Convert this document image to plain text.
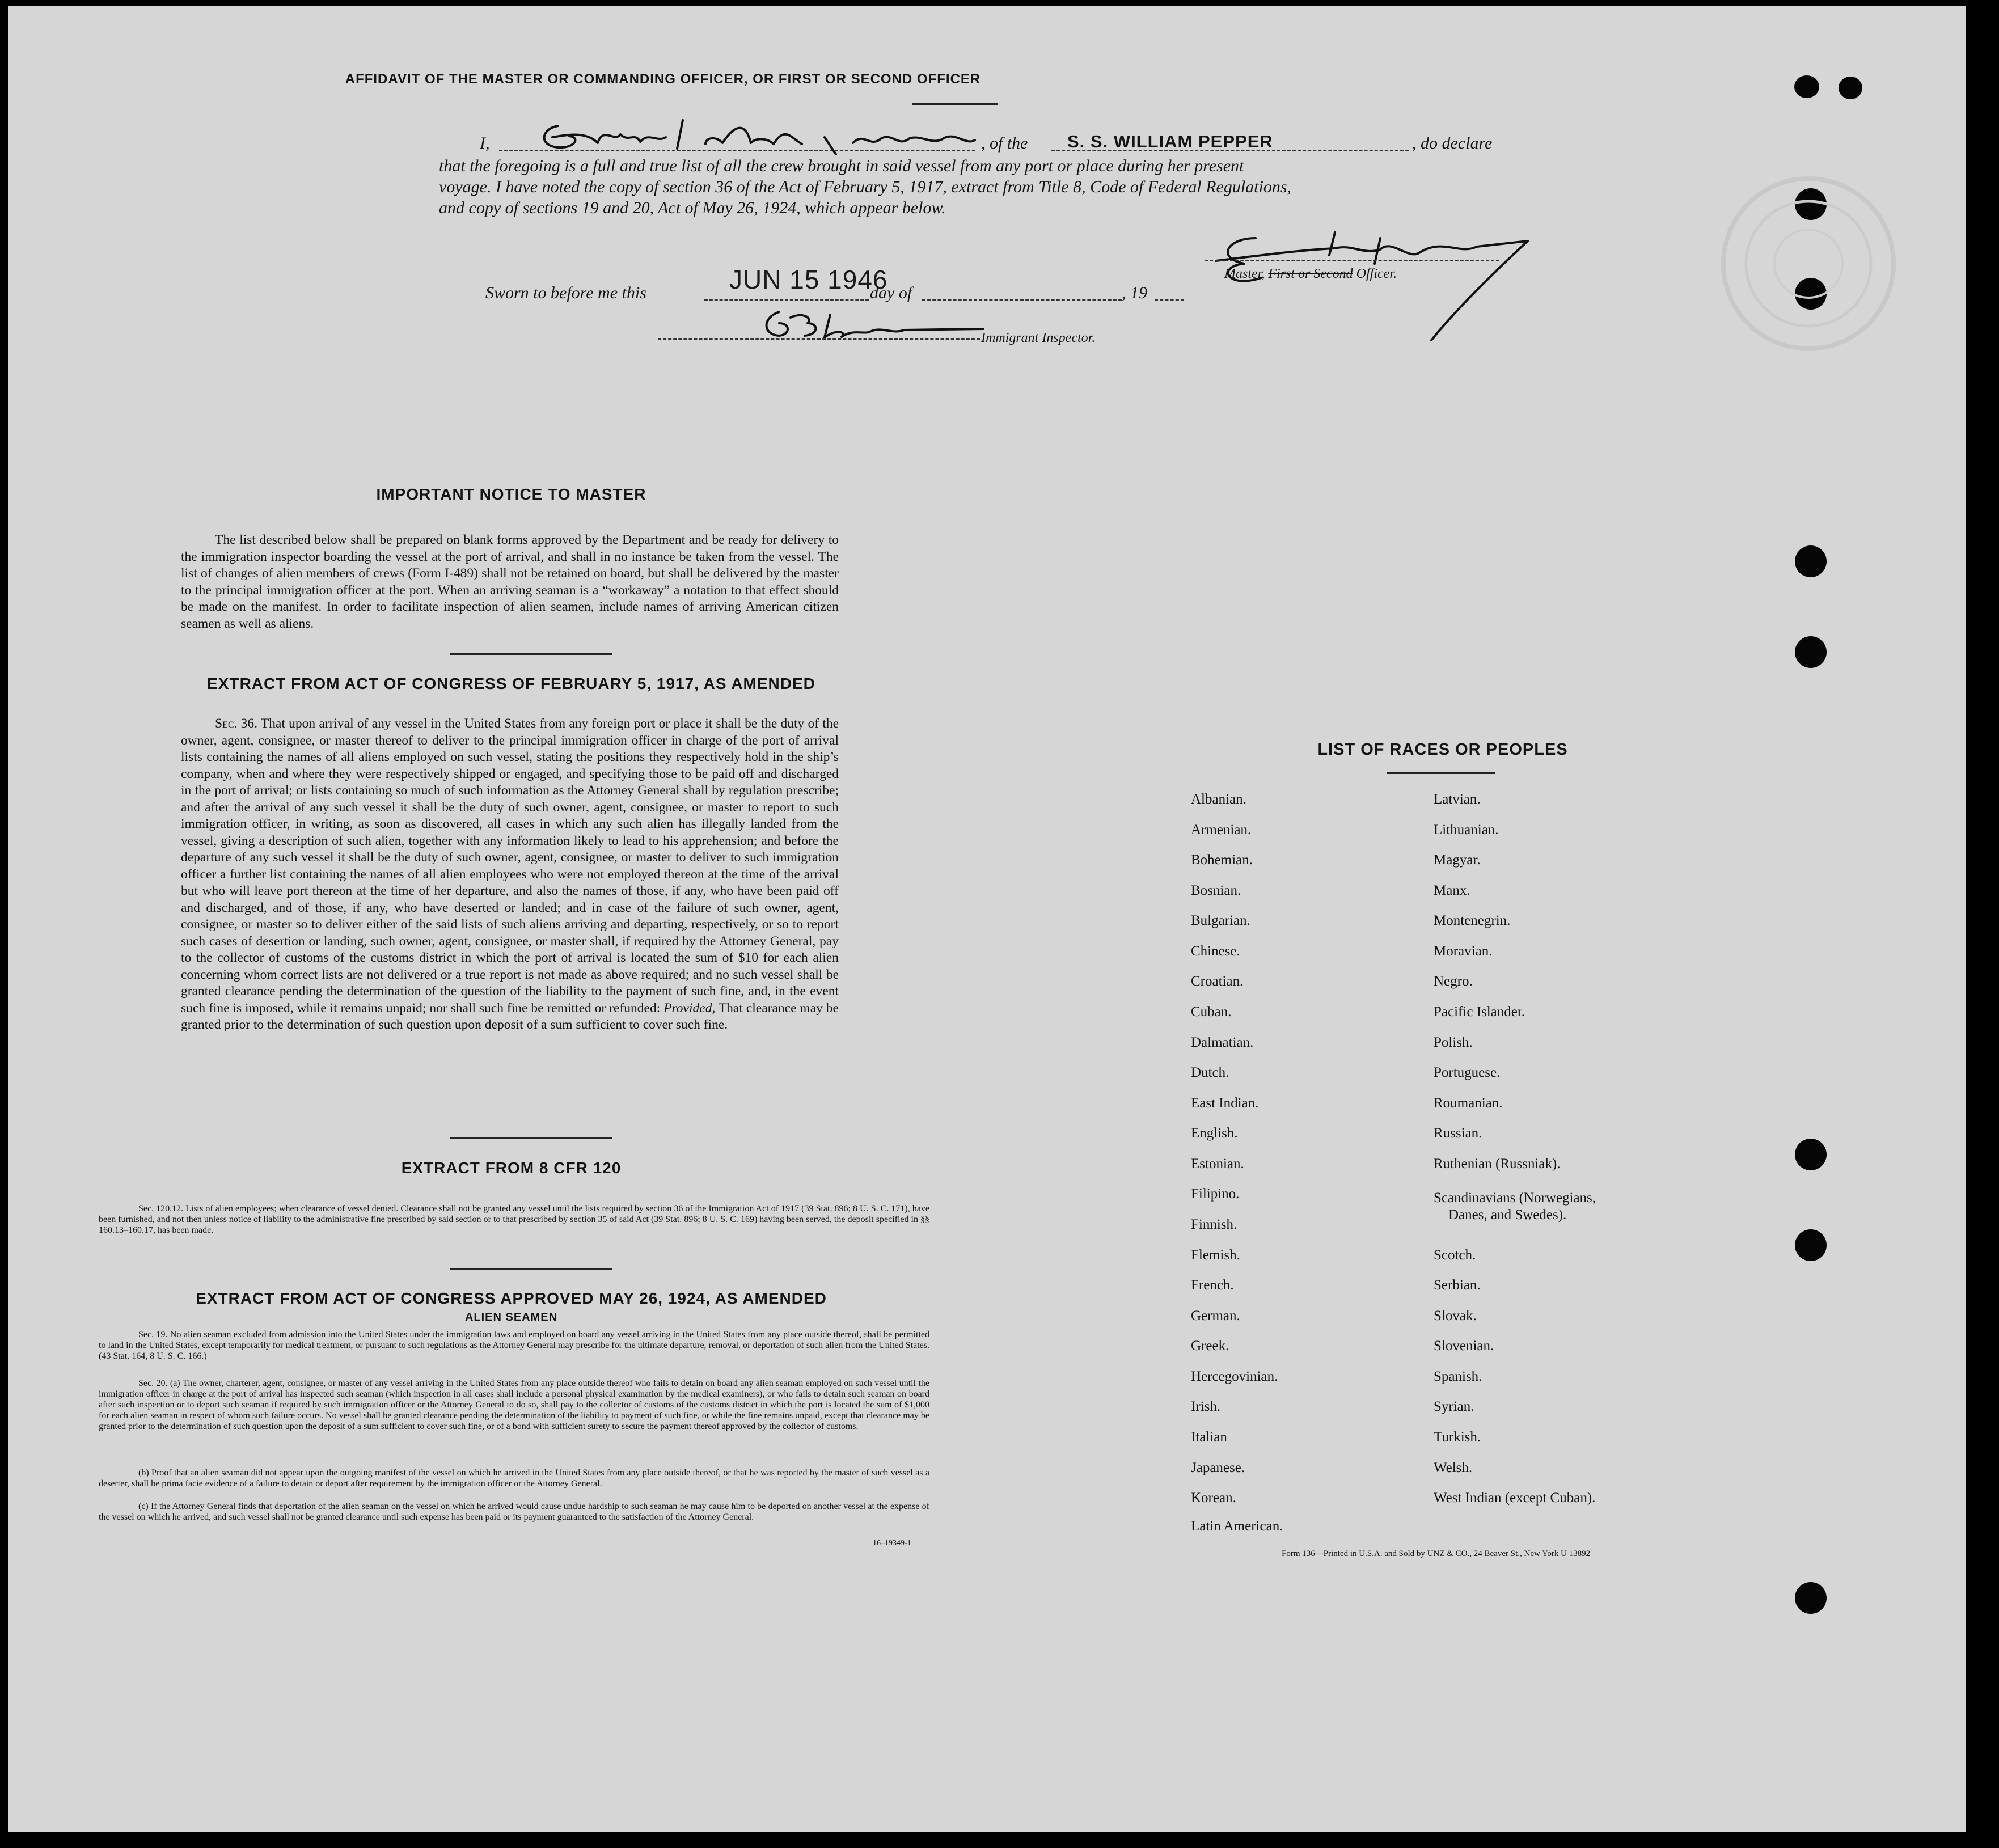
AFFIDAVIT OF THE MASTER OR COMMANDING OFFICER, OR FIRST OR SECOND OFFICER
I,	, of the S. S. WILLIAM PEPPER	, do declare
that the foregoing is a full and true list of all the crew brought in said vessel from any port or place during her present
voyage. I have noted the copy of section 36 of the Act of February 5, 1917, extract from Title 8, Code of Federal Regulations,
and copy of sections 19 and 20, Act of May 26, 1924, which appear below.
Master, First or Second Officer.
Sworn to before me this	JUN 15 1946
day of	, 19
Immigrant Inspector.
IMPORTANT NOTICE TO MASTER
The list described below shall be prepared on blank forms approved by the Department and be ready for delivery to the immigration inspector boarding the vessel at the port of arrival, and shall in no instance be taken from the vessel. The list of changes of alien members of crews (Form I-489) shall not be retained on board, but shall be delivered by the master to the principal immigration officer at the port. When an arriving seaman is a “workaway” a notation to that effect should be made on the manifest. In order to facilitate inspection of alien seamen, include names of arriving American citizen seamen as well as aliens.
EXTRACT FROM ACT OF CONGRESS OF FEBRUARY 5, 1917, AS AMENDED
Sec. 36. That upon arrival of any vessel in the United States from any foreign port or place it shall be the duty of the owner, agent, consignee, or master thereof to deliver to the principal immigration officer in charge of the port of arrival lists containing the names of all aliens employed on such vessel, stating the positions they respectively hold in the ship’s company, when and where they were respectively shipped or engaged, and specifying those to be paid off and discharged in the port of arrival; or lists containing so much of such information as the Attorney General shall by regulation prescribe; and after the arrival of any such vessel it shall be the duty of such owner, agent, consignee, or master to report to such immigration officer, in writing, as soon as discovered, all cases in which any such alien has illegally landed from the vessel, giving a description of such alien, together with any information likely to lead to his apprehension; and before the departure of any such vessel it shall be the duty of such owner, agent, consignee, or master to deliver to such immigration officer a further list containing the names of all alien employees who were not employed thereon at the time of the arrival but who will leave port thereon at the time of her departure, and also the names of those, if any, who have been paid off and discharged, and of those, if any, who have deserted or landed; and in case of the failure of such owner, agent, consignee, or master so to deliver either of the said lists of such aliens arriving and departing, respectively, or so to report such cases of desertion or landing, such owner, agent, consignee, or master shall, if required by the Attorney General, pay to the collector of customs of the customs district in which the port of arrival is located the sum of $10 for each alien concerning whom correct lists are not delivered or a true report is not made as above required; and no such vessel shall be granted clearance pending the determination of the question of the liability to the payment of such fine, and, in the event such fine is imposed, while it remains unpaid; nor shall such fine be remitted or refunded: Provided, That clearance may be granted prior to the determination of such question upon deposit of a sum sufficient to cover such fine.
EXTRACT FROM 8 CFR 120
Sec. 120.12. Lists of alien employees; when clearance of vessel denied. Clearance shall not be granted any vessel until the lists required by section 36 of the Immigration Act of 1917 (39 Stat. 896; 8 U. S. C. 171), have been furnished, and not then unless notice of liability to the administrative fine prescribed by said section or to that prescribed by section 35 of said Act (39 Stat. 896; 8 U. S. C. 169) having been served, the deposit specified in §§ 160.13–160.17, has been made.
EXTRACT FROM ACT OF CONGRESS APPROVED MAY 26, 1924, AS AMENDED
ALIEN SEAMEN
Sec. 19. No alien seaman excluded from admission into the United States under the immigration laws and employed on board any vessel arriving in the United States from any place outside thereof, shall be permitted to land in the United States, except temporarily for medical treatment, or pursuant to such regulations as the Attorney General may prescribe for the ultimate departure, removal, or deportation of such alien from the United States. (43 Stat. 164, 8 U. S. C. 166.)
Sec. 20. (a) The owner, charterer, agent, consignee, or master of any vessel arriving in the United States from any place outside thereof who fails to detain on board any alien seaman employed on such vessel until the immigration officer in charge at the port of arrival has inspected such seaman (which inspection in all cases shall include a personal physical examination by the medical examiners), or who fails to detain such seaman on board after such inspection or to deport such seaman if required by such immigration officer or the Attorney General to do so, shall pay to the collector of customs of the customs district in which the port is located the sum of $1,000 for each alien seaman in respect of whom such failure occurs. No vessel shall be granted clearance pending the determination of the liability to payment of such fine, or while the fine remains unpaid, except that clearance may be granted prior to the determination of such question upon the deposit of a sum sufficient to cover such fine, or of a bond with sufficient surety to secure the payment thereof approved by the collector of customs.
(b) Proof that an alien seaman did not appear upon the outgoing manifest of the vessel on which he arrived in the United States from any place outside thereof, or that he was reported by the master of such vessel as a deserter, shall be prima facie evidence of a failure to detain or deport after requirement by the immigration officer or the Attorney General.
(c) If the Attorney General finds that deportation of the alien seaman on the vessel on which he arrived would cause undue hardship to such seaman he may cause him to be deported on another vessel at the expense of the vessel on which he arrived, and such vessel shall not be granted clearance until such expense has been paid or its payment guaranteed to the satisfaction of the Attorney General.
16–19349-1
LIST OF RACES OR PEOPLES
Albanian.
Armenian.
Bohemian.
Bosnian.
Bulgarian.
Chinese.
Croatian.
Cuban.
Dalmatian.
Dutch.
East Indian.
English.
Estonian.
Filipino.
Finnish.
Flemish.
French.
German.
Greek.
Hercegovinian.
Irish.
Italian
Japanese.
Korean.
Latin American.
Latvian.
Lithuanian.
Magyar.
Manx.
Montenegrin.
Moravian.
Negro.
Pacific Islander.
Polish.
Portuguese.
Roumanian.
Russian.
Ruthenian (Russniak).
Scandinavians (Norwegians,
Danes, and Swedes).
Scotch.
Serbian.
Slovak.
Slovenian.
Spanish.
Syrian.
Turkish.
Welsh.
West Indian (except Cuban).
Form 136—Printed in U.S.A. and Sold by UNZ & CO., 24 Beaver St., New York U 13892
